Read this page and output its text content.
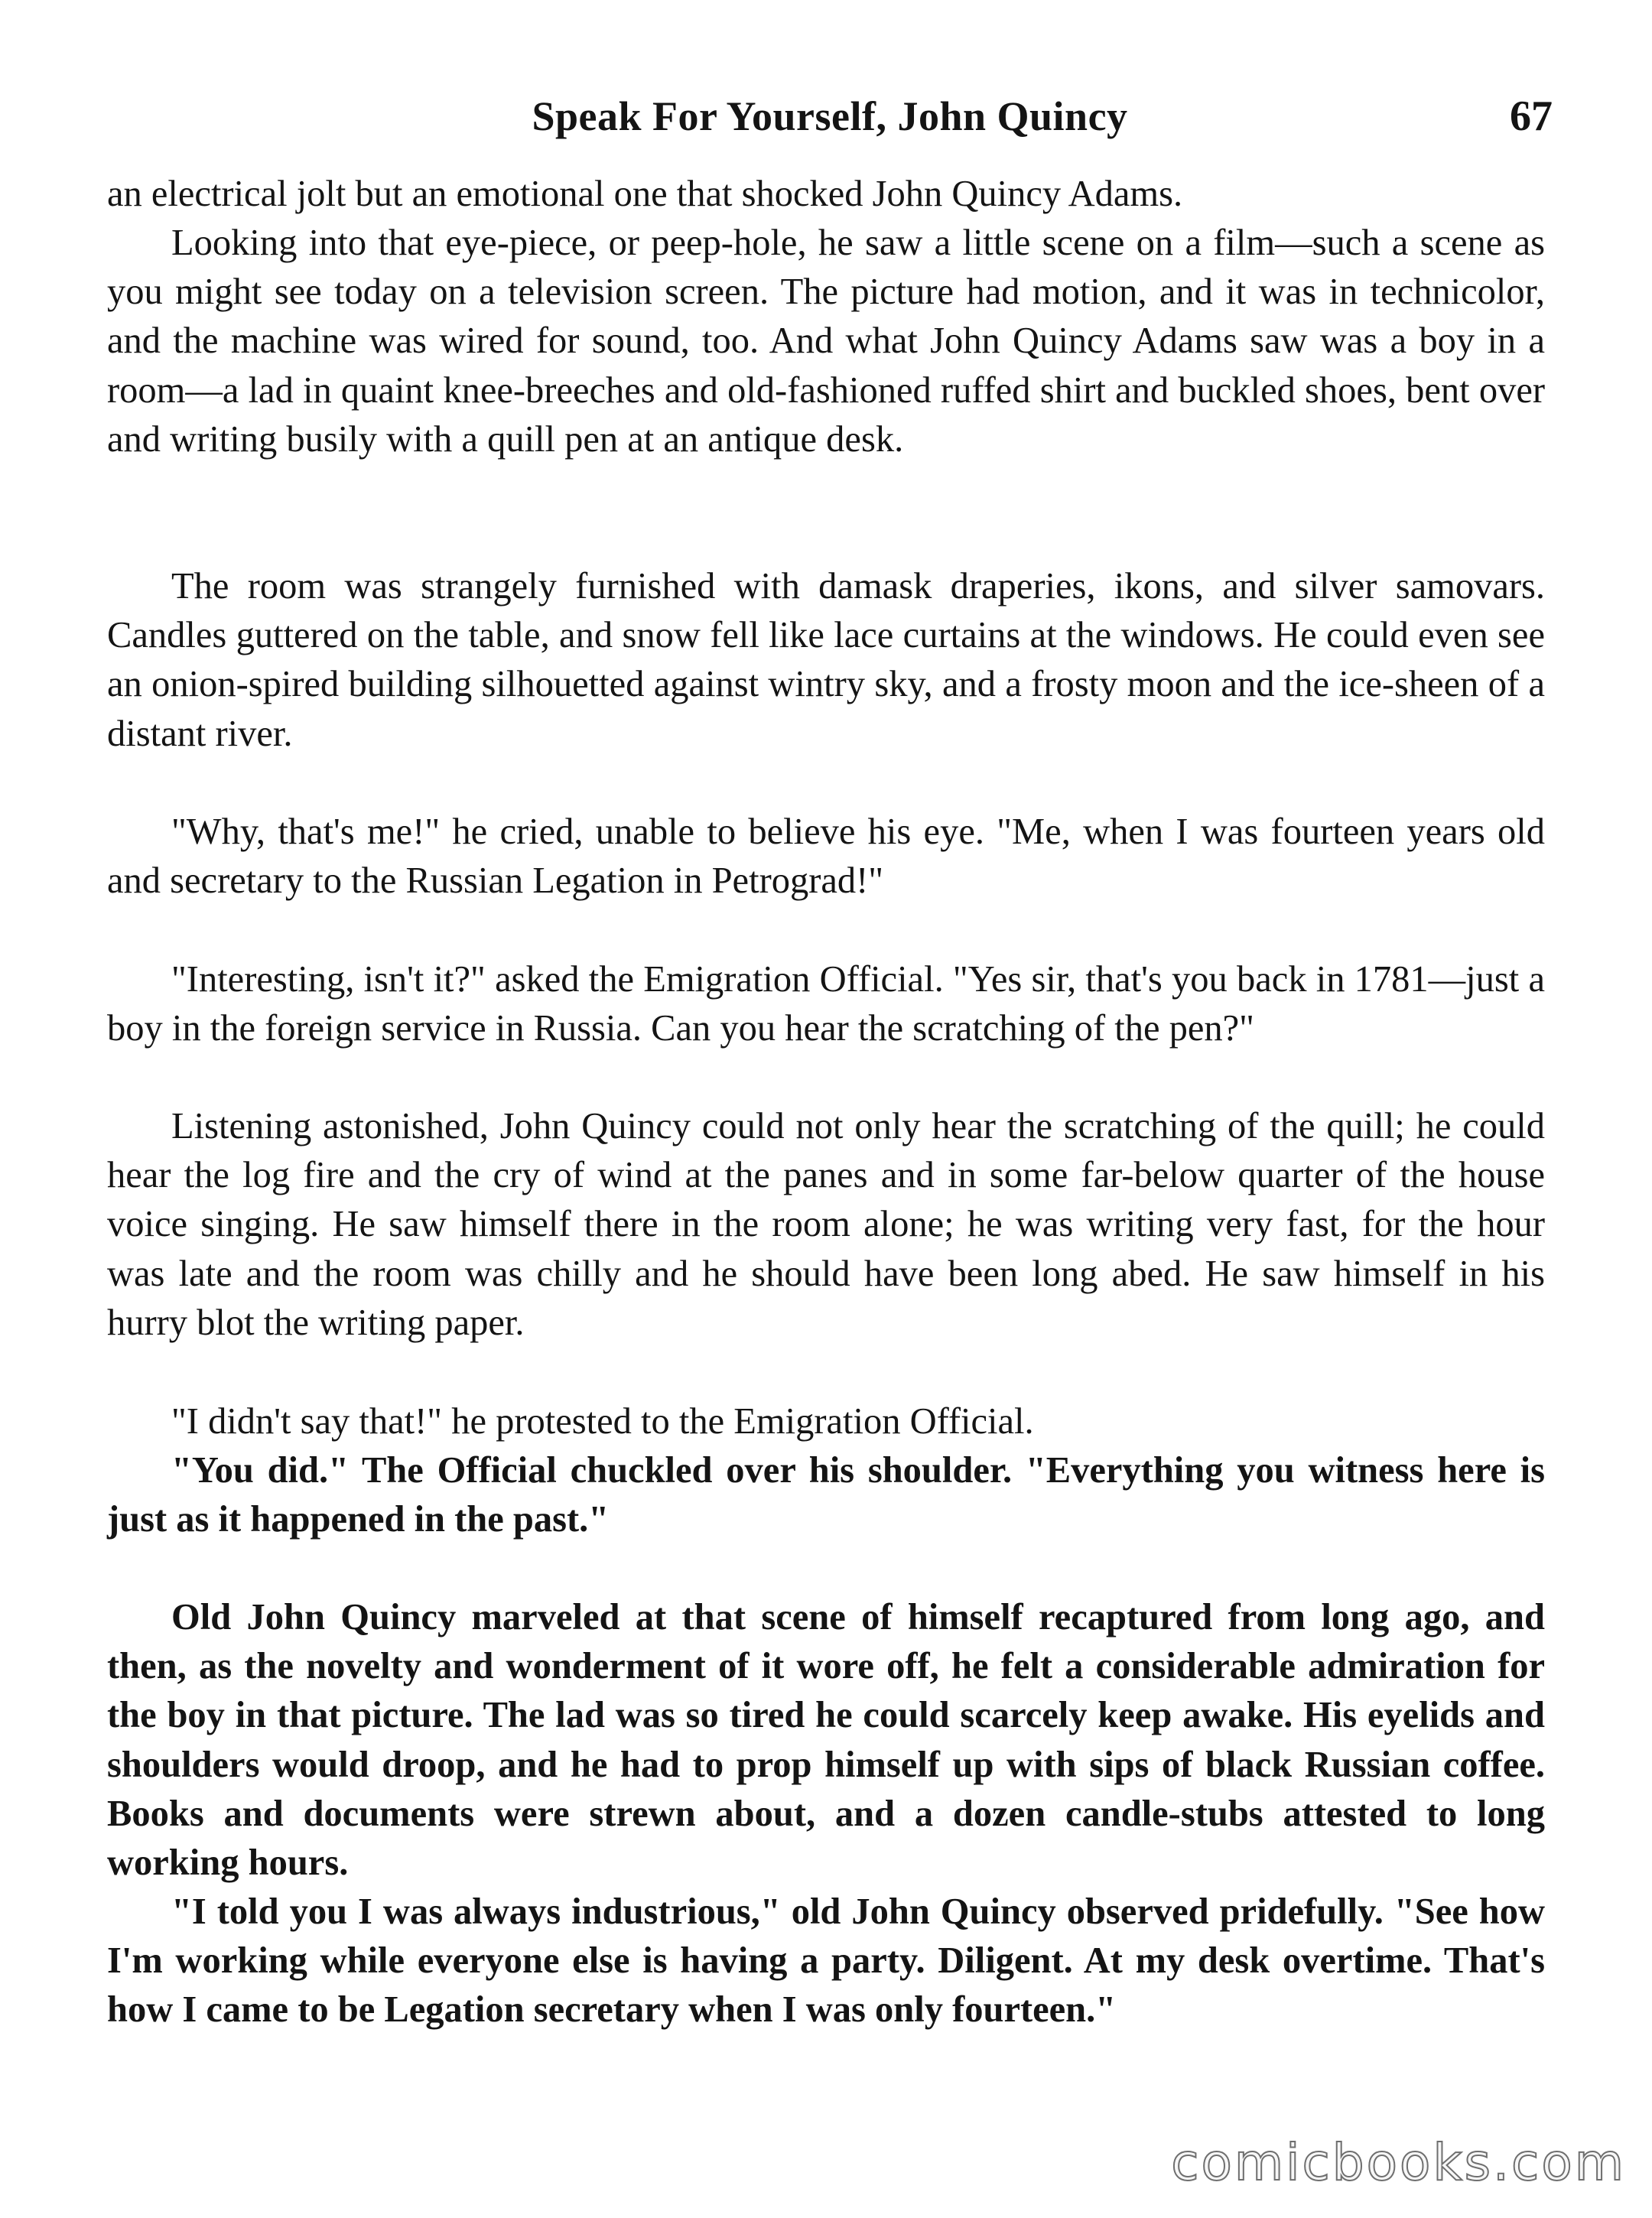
Speak For Yourself, John Quincy	67

an electrical jolt but an emotional one that shocked John Quincy Adams.

Looking into that eye-piece, or peep-hole, he saw a little scene on a film—such a scene as you might see today on a television screen. The picture had motion, and it was in technicolor, and the machine was wired for sound, too. And what John Quincy Adams saw was a boy in a room—a lad in quaint knee-breeches and old-fashioned ruffed shirt and buckled shoes, bent over and writing busily with a quill pen at an antique desk.

The room was strangely furnished with damask draperies, ikons, and silver samovars. Candles guttered on the table, and snow fell like lace curtains at the windows. He could even see an onion-spired building silhouetted against wintry sky, and a frosty moon and the ice-sheen of a distant river.

"Why, that's me!" he cried, unable to believe his eye. "Me, when I was fourteen years old and secretary to the Russian Legation in Petrograd!"

"Interesting, isn't it?" asked the Emigration Official. "Yes sir, that's you back in 1781—just a boy in the foreign service in Russia. Can you hear the scratching of the pen?"

Listening astonished, John Quincy could not only hear the scratching of the quill; he could hear the log fire and the cry of wind at the panes and in some far-below quarter of the house voice singing. He saw himself there in the room alone; he was writing very fast, for the hour was late and the room was chilly and he should have been long abed. He saw himself in his hurry blot the writing paper.

"I didn't say that!" he protested to the Emigration Official.

"You did." The Official chuckled over his shoulder. "Everything you witness here is just as it happened in the past."

Old John Quincy marveled at that scene of himself recaptured from long ago, and then, as the novelty and wonderment of it wore off, he felt a considerable admiration for the boy in that picture. The lad was so tired he could scarcely keep awake. His eyelids and shoulders would droop, and he had to prop himself up with sips of black Russian coffee. Books and documents were strewn about, and a dozen candle-stubs attested to long working hours.

"I told you I was always industrious," old John Quincy observed pridefully. "See how I'm working while everyone else is having a party. Diligent. At my desk overtime. That's how I came to be Legation secretary when I was only fourteen."

comicbooks.com
